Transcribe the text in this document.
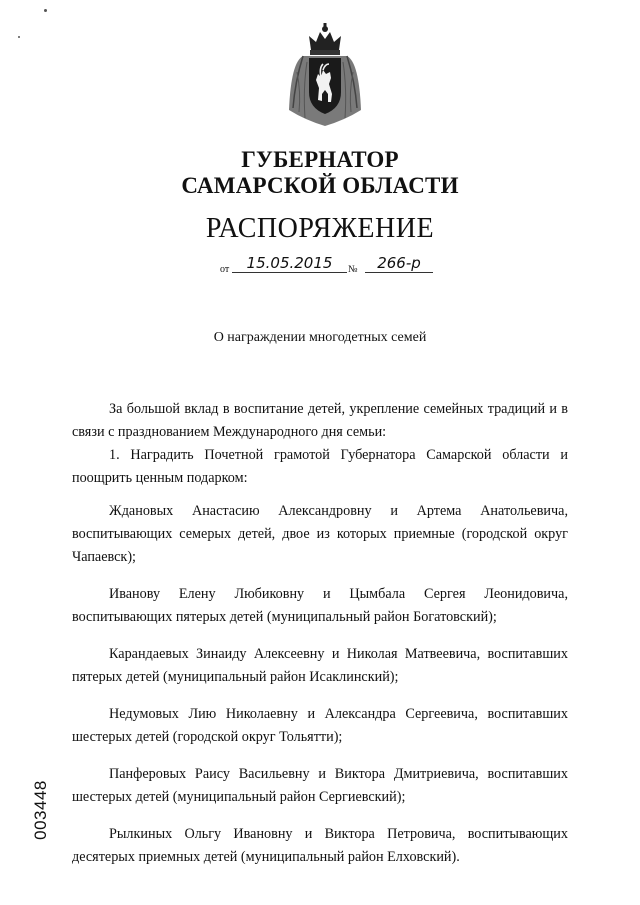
ГУБЕРНАТОР
САМАРСКОЙ ОБЛАСТИ
РАСПОРЯЖЕНИЕ
от	15.05.2015	№	266-р
О награждении многодетных семей

За большой вклад в воспитание детей, укрепление семейных традиций и в связи с празднованием Международного дня семьи:

1. Наградить Почетной грамотой Губернатора Самарской области и поощрить ценным подарком:

Ждановых Анастасию Александровну и Артема Анатольевича, воспитывающих семерых детей, двое из которых приемные (городской округ Чапаевск);

Иванову Елену Любиковну и Цымбала Сергея Леонидовича, воспитывающих пятерых детей (муниципальный район Богатовский);

Карандаевых Зинаиду Алексеевну и Николая Матвеевича, воспитавших пятерых детей (муниципальный район Исаклинский);

Недумовых Лию Николаевну и Александра Сергеевича, воспитавших шестерых детей (городской округ Тольятти);

Панферовых Раису Васильевну и Виктора Дмитриевича, воспитавших шестерых детей (муниципальный район Сергиевский);

Рылкиных Ольгу Ивановну и Виктора Петровича, воспитывающих десятерых приемных детей (муниципальный район Елховский).

003448
